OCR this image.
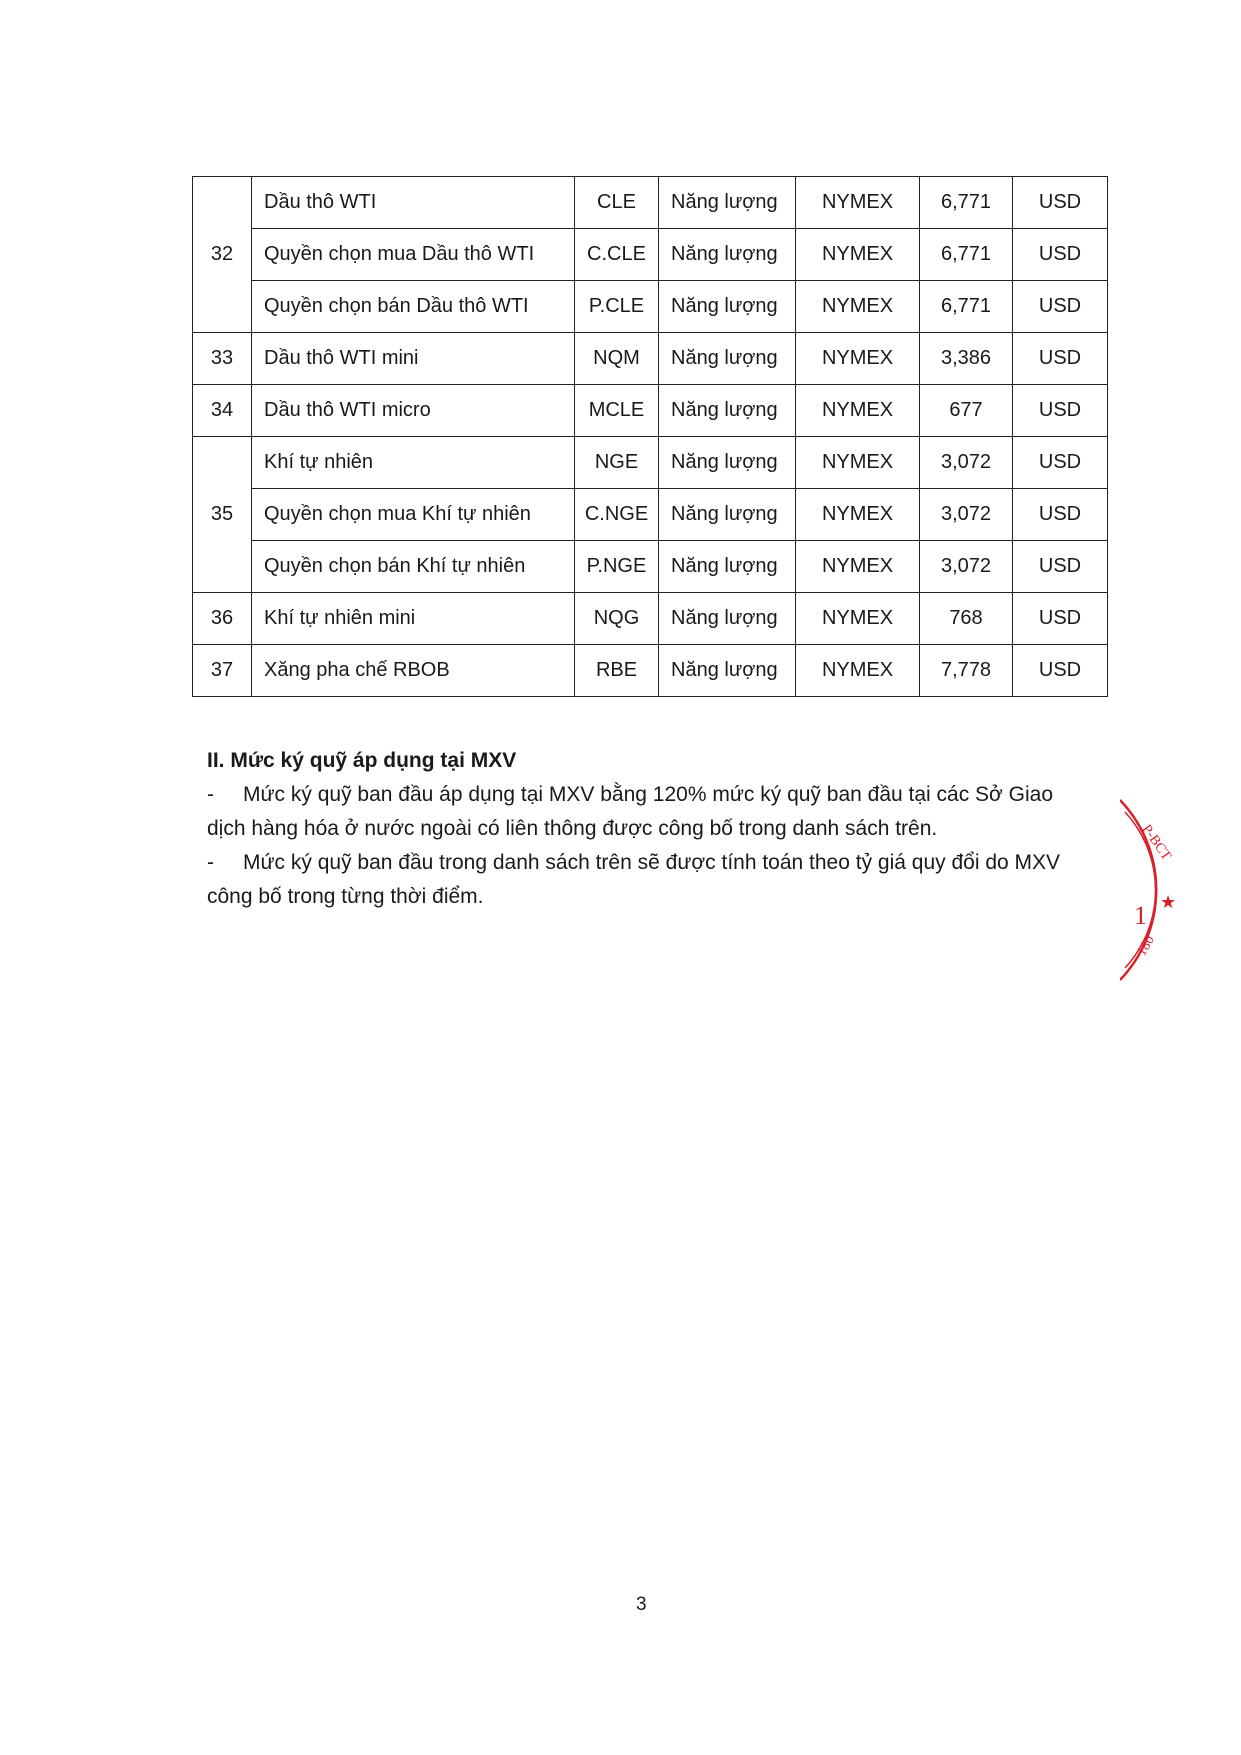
32	Dầu thô WTI	CLE	Năng lượng	NYMEX	6,771	USD
	Quyền chọn mua Dầu thô WTI	C.CLE	Năng lượng	NYMEX	6,771	USD
	Quyền chọn bán Dầu thô WTI	P.CLE	Năng lượng	NYMEX	6,771	USD
33	Dầu thô WTI mini	NQM	Năng lượng	NYMEX	3,386	USD
34	Dầu thô WTI micro	MCLE	Năng lượng	NYMEX	677	USD
35	Khí tự nhiên	NGE	Năng lượng	NYMEX	3,072	USD
	Quyền chọn mua Khí tự nhiên	C.NGE	Năng lượng	NYMEX	3,072	USD
	Quyền chọn bán Khí tự nhiên	P.NGE	Năng lượng	NYMEX	3,072	USD
36	Khí tự nhiên mini	NQG	Năng lượng	NYMEX	768	USD
37	Xăng pha chế RBOB	RBE	Năng lượng	NYMEX	7,778	USD
II. Mức ký quỹ áp dụng tại MXV

- Mức ký quỹ ban đầu áp dụng tại MXV bằng 120% mức ký quỹ ban đầu tại các Sở Giao dịch hàng hóa ở nước ngoài có liên thông được công bố trong danh sách trên.

- Mức ký quỹ ban đầu trong danh sách trên sẽ được tính toán theo tỷ giá quy đổi do MXV công bố trong từng thời điểm.

3
P-BCT
180
★
1
